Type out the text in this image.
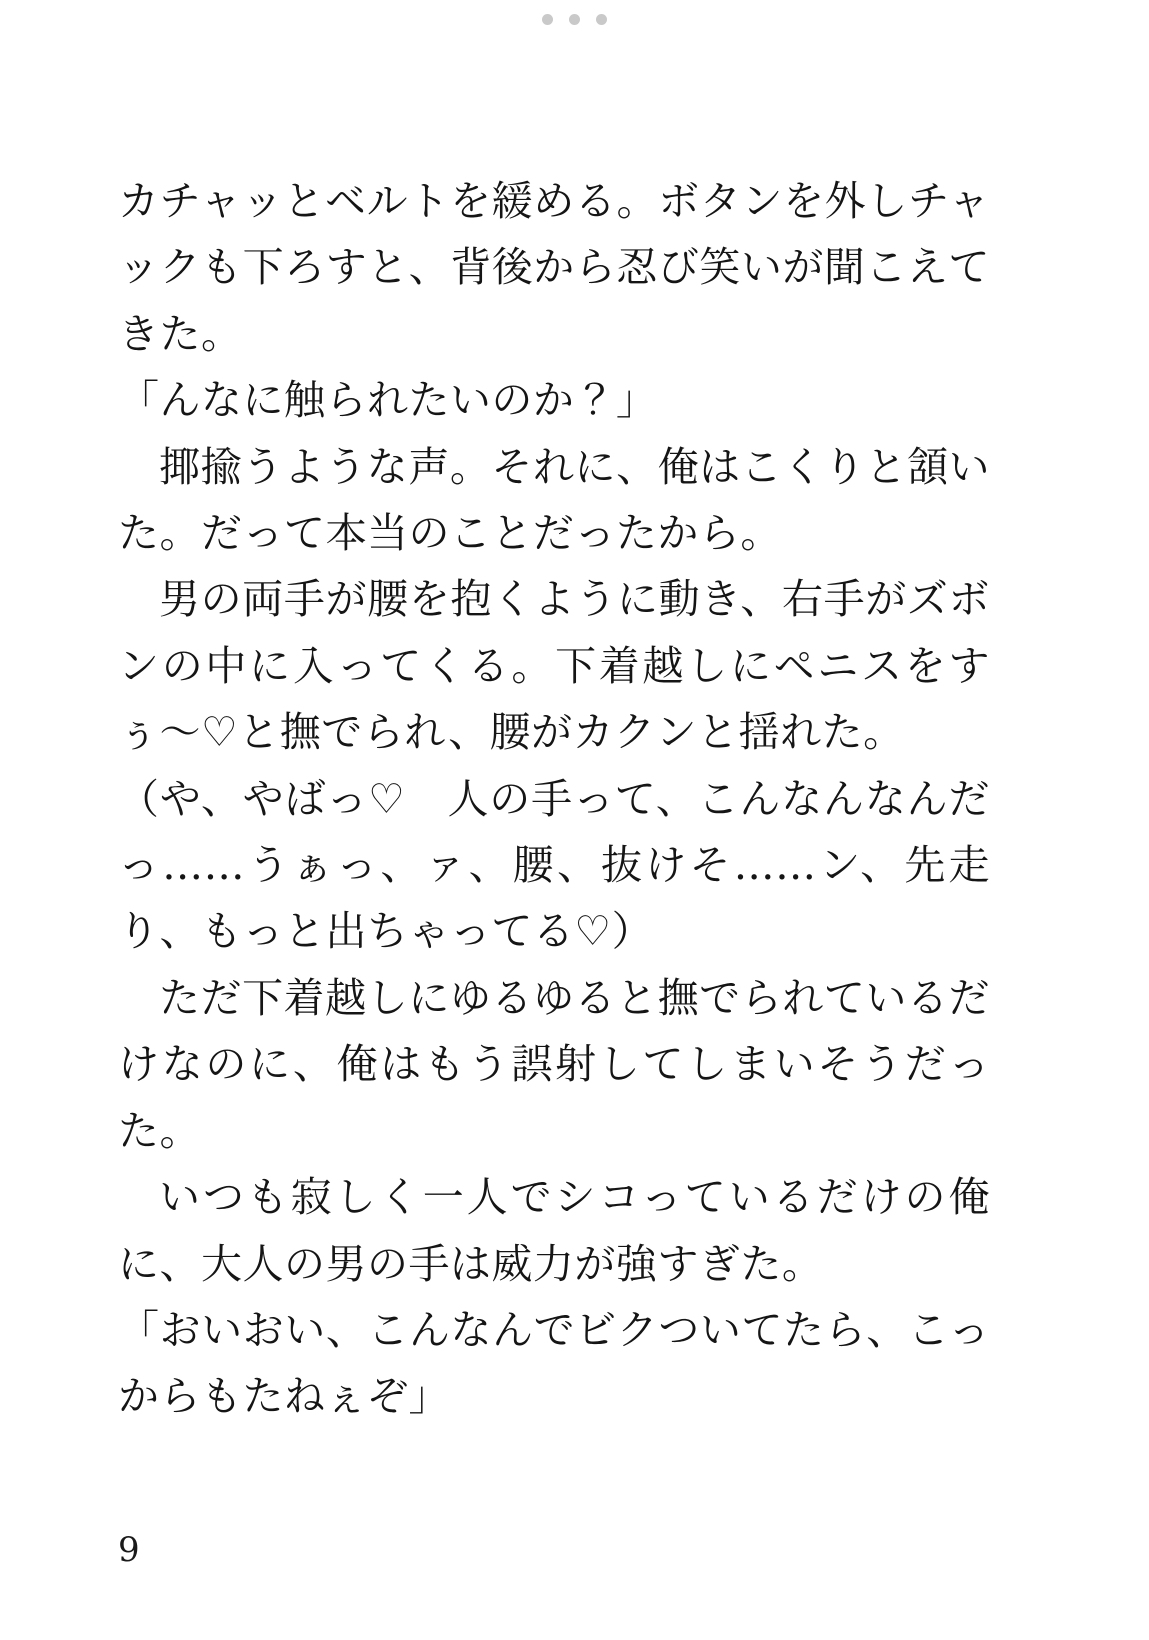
カチャッとベルトを緩める。ボタンを外しチャックも下ろすと、背後から忍び笑いが聞こえてきた。

「んなに触られたいのか？」

揶揄うような声。それに、俺はこくりと頷いた。だって本当のことだったから。

男の両手が腰を抱くように動き、右手がズボンの中に入ってくる。下着越しにペニスをすぅ〜♡と撫でられ、腰がカクンと揺れた。

（や、やばっ♡　人の手って、こんなんなんだっ……うぁっ、ァ、腰、抜けそ……ン、先走り、もっと出ちゃってる♡）

ただ下着越しにゆるゆると撫でられているだけなのに、俺はもう誤射してしまいそうだった。

いつも寂しく一人でシコっているだけの俺に、大人の男の手は威力が強すぎた。

「おいおい、こんなんでビクついてたら、こっからもたねぇぞ」

9
